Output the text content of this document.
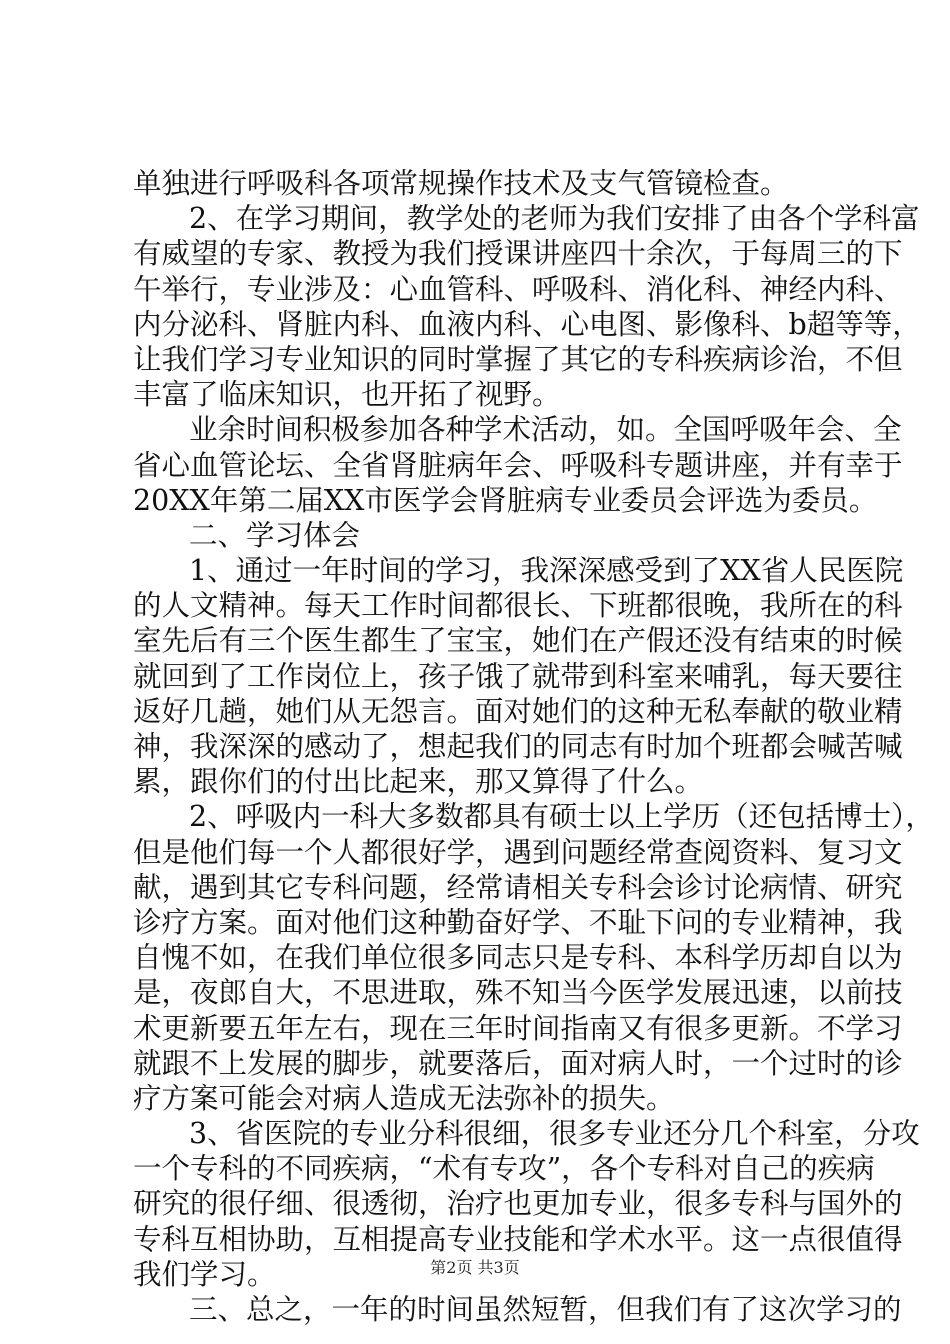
单独进行呼吸科各项常规操作技术及支气管镜检查。
2、在学习期间，教学处的老师为我们安排了由各个学科富
有威望的专家、教授为我们授课讲座四十余次，于每周三的下
午举行，专业涉及：心血管科、呼吸科、消化科、神经内科、
内分泌科、肾脏内科、血液内科、心电图、影像科、b超等等，
让我们学习专业知识的同时掌握了其它的专科疾病诊治，不但
丰富了临床知识，也开拓了视野。
业余时间积极参加各种学术活动，如。全国呼吸年会、全
省心血管论坛、全省肾脏病年会、呼吸科专题讲座，并有幸于
20XX年第二届XX市医学会肾脏病专业委员会评选为委员。
二、学习体会
1、通过一年时间的学习，我深深感受到了XX省人民医院
的人文精神。每天工作时间都很长、下班都很晚，我所在的科
室先后有三个医生都生了宝宝，她们在产假还没有结束的时候
就回到了工作岗位上，孩子饿了就带到科室来哺乳，每天要往
返好几趟，她们从无怨言。面对她们的这种无私奉献的敬业精
神，我深深的感动了，想起我们的同志有时加个班都会喊苦喊
累，跟你们的付出比起来，那又算得了什么。
2、呼吸内一科大多数都具有硕士以上学历（还包括博士），
但是他们每一个人都很好学，遇到问题经常查阅资料、复习文
献，遇到其它专科问题，经常请相关专科会诊讨论病情、研究
诊疗方案。面对他们这种勤奋好学、不耻下问的专业精神，我
自愧不如，在我们单位很多同志只是专科、本科学历却自以为
是，夜郎自大，不思进取，殊不知当今医学发展迅速，以前技
术更新要五年左右，现在三年时间指南又有很多更新。不学习
就跟不上发展的脚步，就要落后，面对病人时，一个过时的诊
疗方案可能会对病人造成无法弥补的损失。
3、省医院的专业分科很细，很多专业还分几个科室，分攻
一个专科的不同疾病，“术有专攻”，各个专科对自己的疾病
研究的很仔细、很透彻，治疗也更加专业，很多专科与国外的
专科互相协助，互相提高专业技能和学术水平。这一点很值得
我们学习。
三、总之，一年的时间虽然短暂，但我们有了这次学习的
第2页 共3页
